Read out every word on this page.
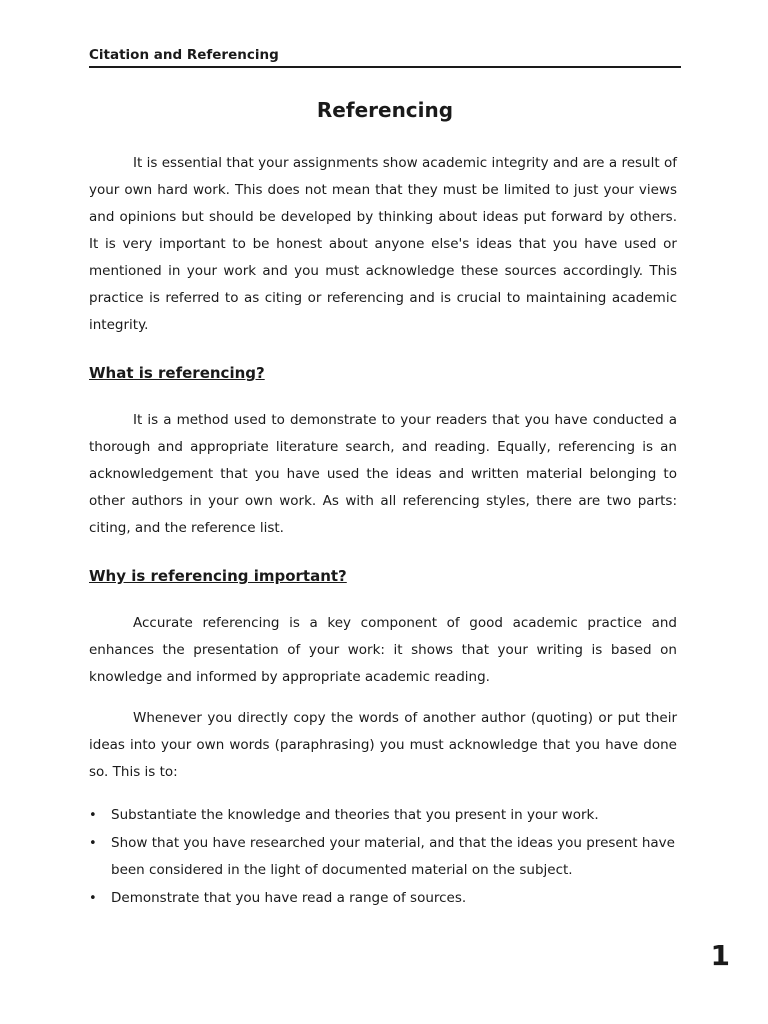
Citation and Referencing
Referencing

It is essential that your assignments show academic integrity and are a result of your own hard work. This does not mean that they must be limited to just your views and opinions but should be developed by thinking about ideas put forward by others. It is very important to be honest about anyone else's ideas that you have used or mentioned in your work and you must acknowledge these sources accordingly. This practice is referred to as citing or referencing and is crucial to maintaining academic integrity.

What is referencing?

It is a method used to demonstrate to your readers that you have conducted a thorough and appropriate literature search, and reading. Equally, referencing is an acknowledgement that you have used the ideas and written material belonging to other authors in your own work. As with all referencing styles, there are two parts: citing, and the reference list.

Why is referencing important?

Accurate referencing is a key component of good academic practice and enhances the presentation of your work: it shows that your writing is based on knowledge and informed by appropriate academic reading.

Whenever you directly copy the words of another author (quoting) or put their ideas into your own words (paraphrasing) you must acknowledge that you have done so. This is to:

• Substantiate the knowledge and theories that you present in your work.
• Show that you have researched your material, and that the ideas you present have been considered in the light of documented material on the subject.
• Demonstrate that you have read a range of sources.
1
